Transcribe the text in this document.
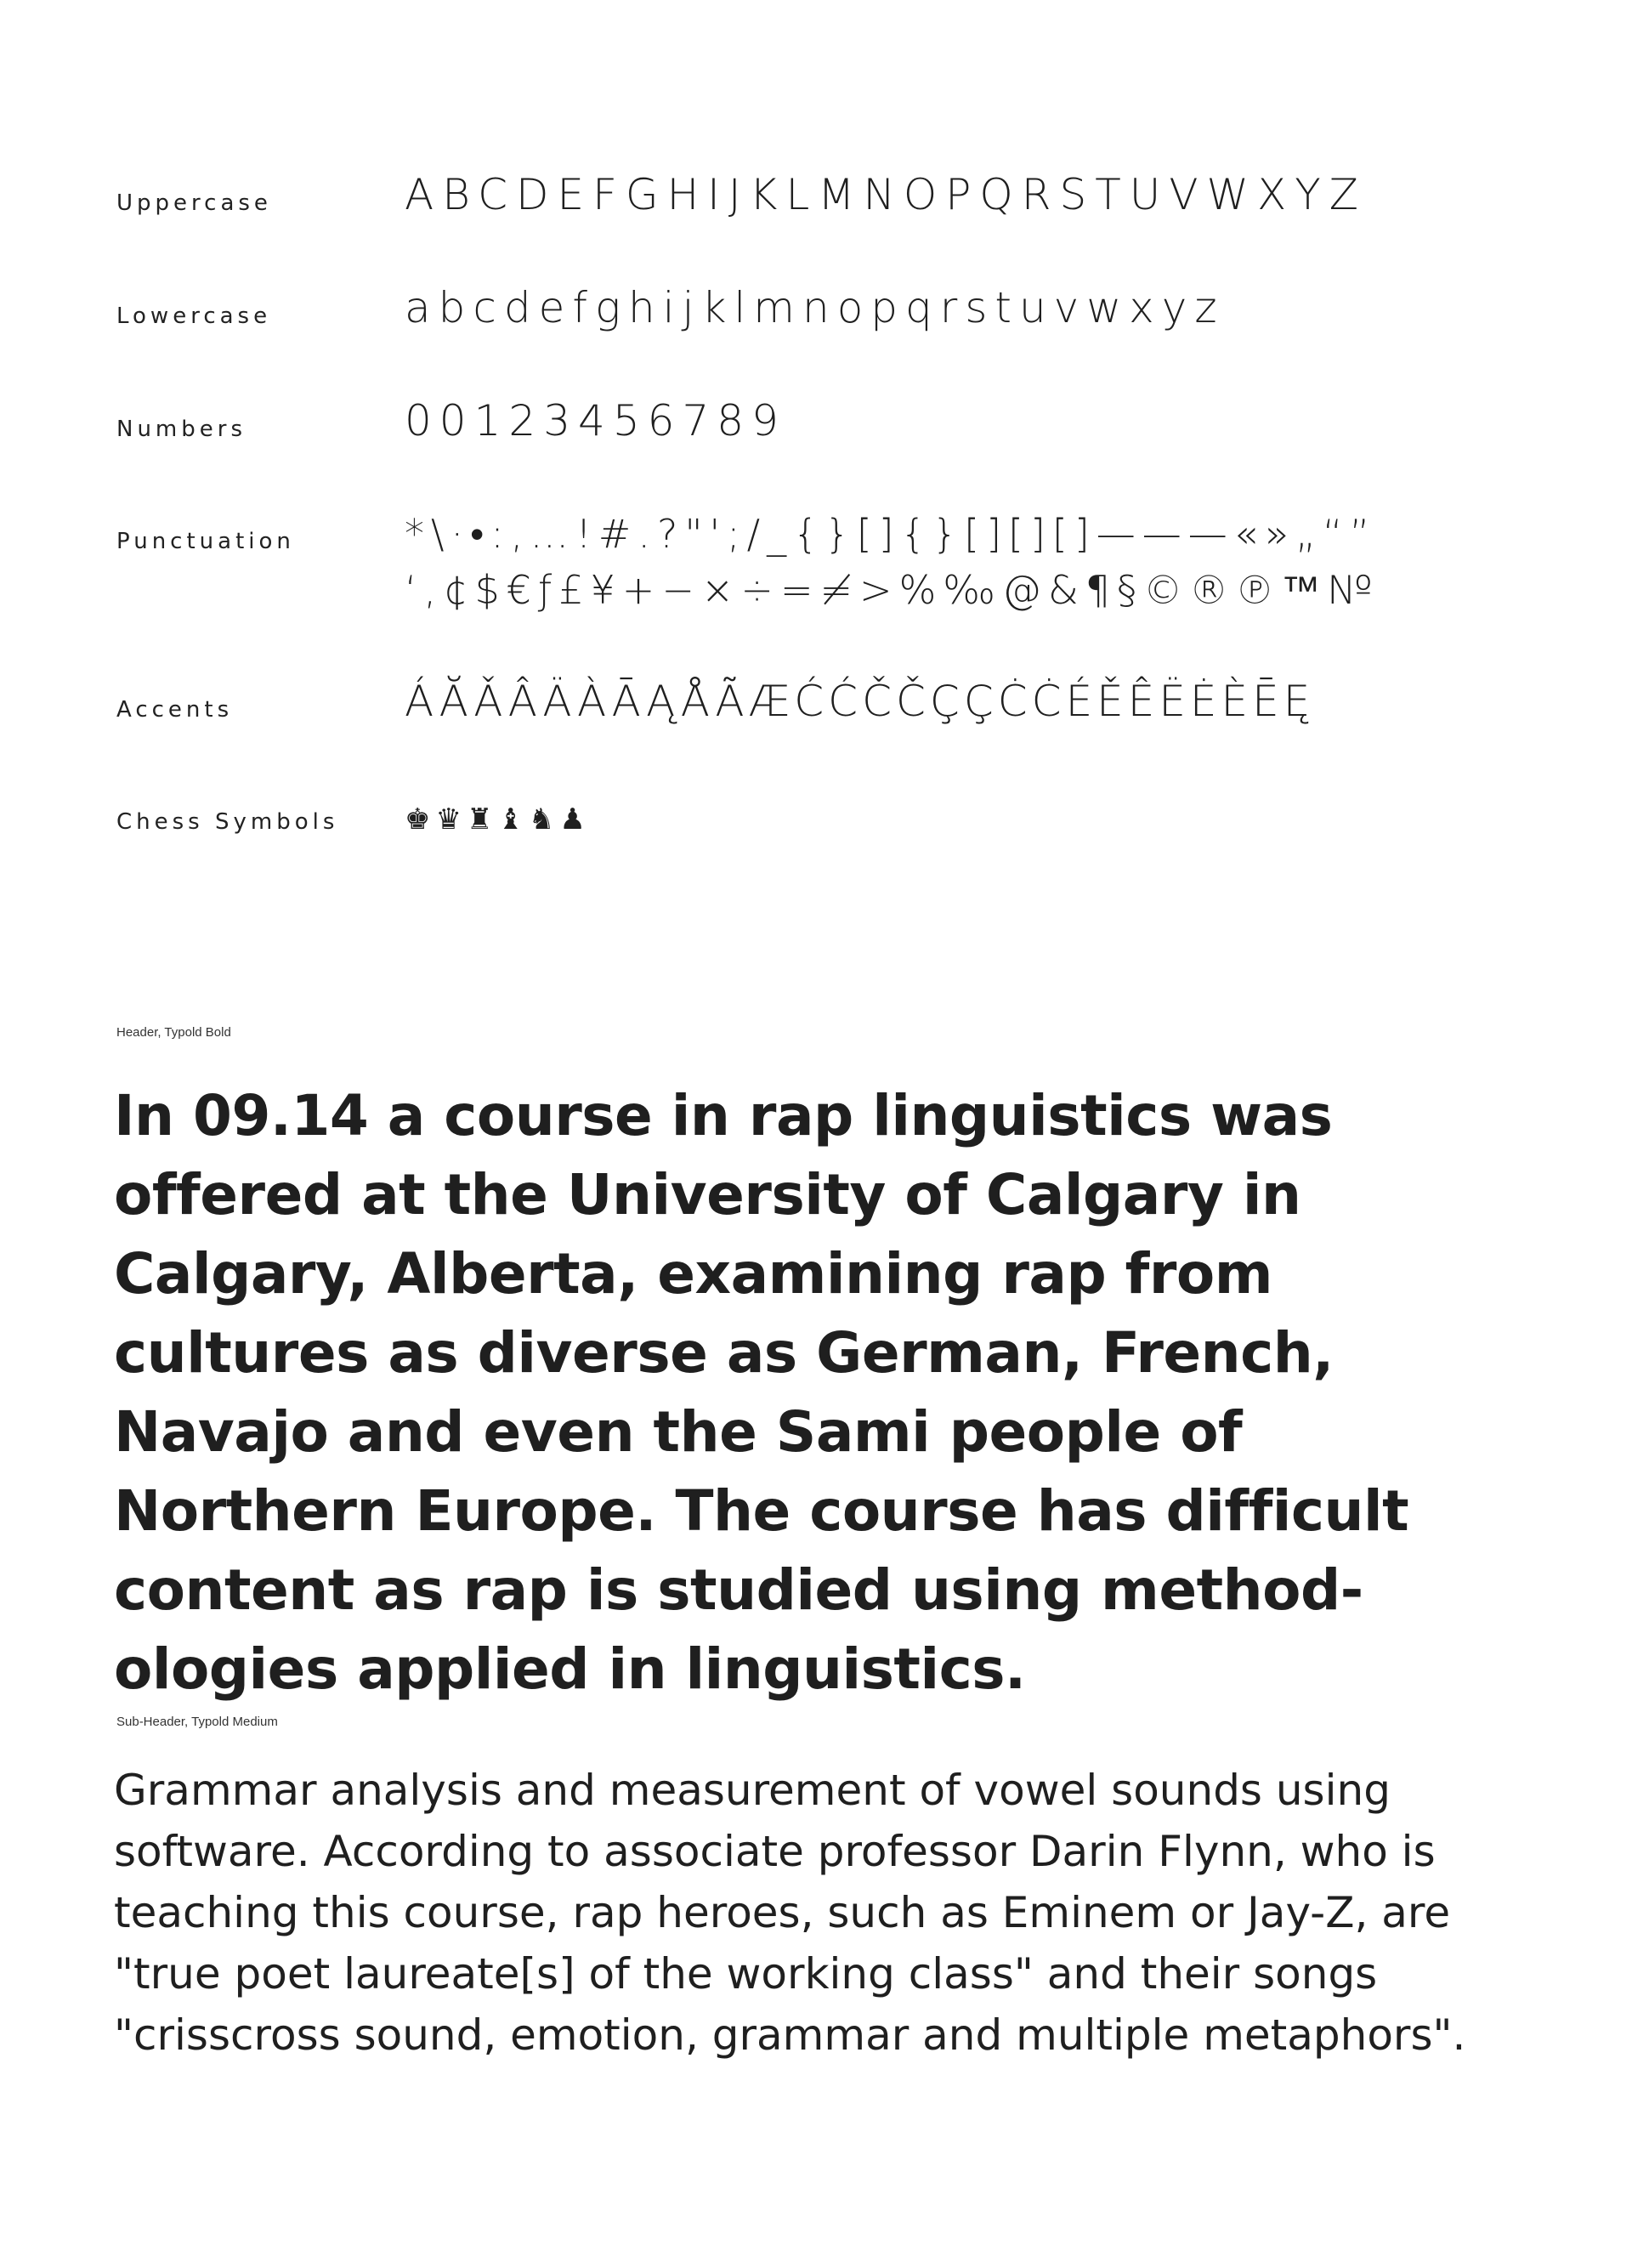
Uppercase	ABCDEFGHIJKLMNOPQRSTUVWXYZ
Lowercase	abcdefghijklmnopqrstuvwxyz
Numbers	00123456789
Punctuation	*\·•:,…!#.?"';/_{}[]{}[][][]———«»„“”
‘,¢$€ƒ£¥+−×÷=≠>%‰@&¶§©®℗™№
Accents	ÁĂǍÂÄÀĀĄÅÃÆĆĆČČÇÇĊĊÉĚÊËĖÈĒĘ
Chess Symbols ♚♛♜♝♞♟
Header, Typold Bold
In 09.14 a course in rap linguistics was offered at the University of Calgary in Calgary, Alberta, examining rap from cultures as diverse as German, French, Navajo and even the Sami people of Northern Europe. The course has difficult content as rap is studied using method-ologies applied in linguistics.
Sub-Header, Typold Medium
Grammar analysis and measurement of vowel sounds using software. According to associate professor Darin Flynn, who is teaching this course, rap heroes, such as Eminem or Jay-Z, are "true poet laureate[s] of the working class" and their songs "crisscross sound, emotion, grammar and multiple metaphors".
